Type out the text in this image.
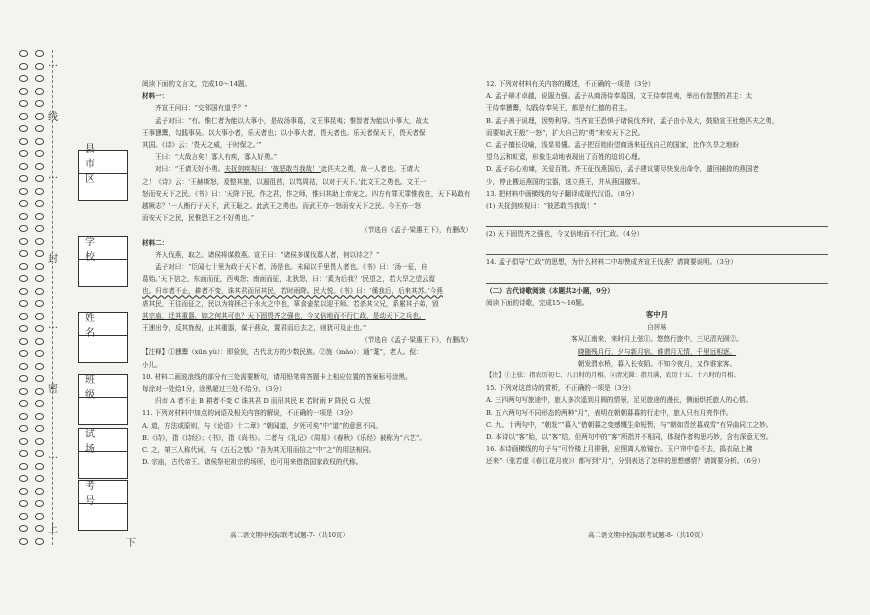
…
线
…
封
…
密
…
上
下
县市区
学校
姓名
班级
试场
考号

阅读下面的文言文，完成10～14题。

材料一：

齐宣王问曰：“交邻国有道乎？”

孟子对曰：“有。惟仁者为能以大事小，是故汤事葛，文王事昆夷；惟智者为能以小事大，故太

王事獯鬻，勾践事吴。以大事小者，乐天者也；以小事大者，畏天者也。乐天者保天下，畏天者保

其国。《诗》云：‘畏天之威，于时保之。’”

王曰：“大哉言矣！寡人有疾，寡人好勇。”

对曰：“王请无好小勇。夫抚剑疾视曰：‘彼恶敢当我哉！’此匹夫之勇，敌一人者也。王请大

之！《诗》云：‘王赫斯怒，爰整其旅，以遏徂莒，以笃周祜，以对于天下。’此文王之勇也。文王一

怒而安天下之民。《书》曰：‘天降下民，作之君，作之师，惟曰其助上帝宠之。四方有罪无罪惟我在，天下曷敢有

越厥志？’一人衡行于天下，武王耻之。此武王之勇也。而武王亦一怒而安天下之民。今王亦一怒

而安天下之民，民惟恐王之不好勇也。”

（节选自《孟子·梁惠王下》，有删改）

材料二：

齐人伐燕，取之。诸侯将谋救燕。宣王曰：“诸侯多谋伐寡人者，何以待之？”

孟子对曰：“臣闻七十里为政于天下者，汤是也。未闻以千里畏人者也。《书》曰：‘汤一征，自

葛始。’天下信之，东面而征，西夷怨；南面而征，北狄怨，曰：‘奚为后我？’民望之，若大旱之望云霓

也。归市者不止，耕者不变，诛其君而吊其民，若时雨降。民大悦。《书》曰：‘徯我后，后来其苏。’今燕

虐其民，王往而征之，民以为将拯己于水火之中也，箪食壶浆以迎王师。若杀其父兄，系累其子弟，毁

其宗庙，迁其重器，如之何其可也？天下固畏齐之强也，今又倍地而不行仁政，是动天下之兵也。

王速出令，反其旄倪，止其重器，谋于燕众，置君而后去之，则犹可及止也。”

（节选自《孟子·梁惠王下》，有删改）

【注释】①獯鬻（xūn yù）：即猃狁，古代北方的少数民族。②旄（mào）：通“耄”，老人。倪：

小儿。

10. 材料二画波浪线的部分有三处需要断句，请用铅笔将答题卡上相应位置的答案标号涂黑。

每涂对一处给1分，涂黑超过三处不给分。（3分）

归市 A 者不止 B 耕者不变 C 诛其君 D 而吊其民 E 若时雨 F 降民 G 大悦

11. 下列对材料中加点的词语及相关内容的解说，不正确的一项是（3分）

A. 道，方法或原则，与《论语》十二章》“朝闻道，夕死可矣”中“道”的意思不同。

B.《诗》，指《诗经》；《书》，指《尚书》。二者与《礼记》《周易》《春秋》《乐经》被称为“六艺”。

C. 之，第三人称代词，与《五石之瓠》“吾为其无用而掊之”中“之”的用法相同。

D. 宗庙，古代帝王、诸侯祭祀祖宗的场所，也可用来借指国家政权的代称。

12. 下列对材料有关内容的概述，不正确的一项是（3分）

A. 孟子辩才卓越，说服力强。孟子从商汤侍奉葛国，文王侍奉昆夷，举出有智慧的君主：太

王侍奉獯鬻，勾践侍奉吴王，都是有仁德的君主。

B. 孟子善于说理，因势利导。当齐宣王恐惧于诸侯伐齐时，孟子由小及大，鼓励宣王杜绝匹夫之勇，

而要如武王般“一怒”，扩大自己的“勇”来安天下之民。

C. 孟子擅长设喻，浅显易懂。孟子把百姓盼望商汤来征伐自己的国家，比作久旱之地盼

望乌云和虹霓，形象生动地表现出了百姓的迫切心理。

D. 孟子忘心劝谏，关爱百姓。齐王征伐燕国后，孟子建议要尽快发出命令，遣回捕掠的燕国老

少，停止搬运燕国的宝器，选立燕王，并从燕国撤军。

13. 把材料中画横线的句子翻译成现代汉语。（8分）

(1) 夫抚剑疾视曰：“彼恶敢当我哉！”

(2) 天下固畏齐之强也，今又倍地而不行仁政。（4分）

14. 孟子倡导“仁政”的思想，为什么材料二中却赞成齐宣王伐燕？请简要说明。（3分）

（二）古代诗歌阅读（本题共2小题，9分）

阅读下面的诗歌，完成15～16题。

客中月

白居易

客从江南来，来时月上弦①。悠悠行旅中，三见清光圆②。

晓随残月行，夕与新月宿。谁谓月无情，千里远相逐。

朝发渭水桥，暮入长安陌。不知今夜月，又作谁家客。

【注】①上弦：指农历初七、八日时的月相。②清光圆：指月满，农历十五、十六时的月相。

15. 下列对这首诗的赏析，不正确的一项是（3分）

A. 三四两句写旅途中，旅人多次遥到月圆的情景，足见旅途的漫长，侧面烘托旅人的心情。

B. 五六两句写不同形态的两种“月”，表明在朝朝暮暮的行走中，旅人只有月亮作伴。

C. 九、十两句中，“朝发”“暮入”借朝暮之变感慨生命短暂，与“朝如青丝暮成雪”有异曲同工之妙。

D. 本诗以“客”始，以“客”结，但两句中的“客”所指并不相同，体现作者构思巧妙，含有深意无穷。

16. 本诗画横线的句子与“可怜楼上月徘徊，应照离人妆镜台。玉户帘中卷不去，捣衣砧上拂

还来”（张若虚《春江花月夜》）都写到“月”，分别表达了怎样的思想感情？请简要分析。（6分）

高二语文期中校际联考试题-7-（共10页）	高二语文期中校际联考试题-8-（共10页）
